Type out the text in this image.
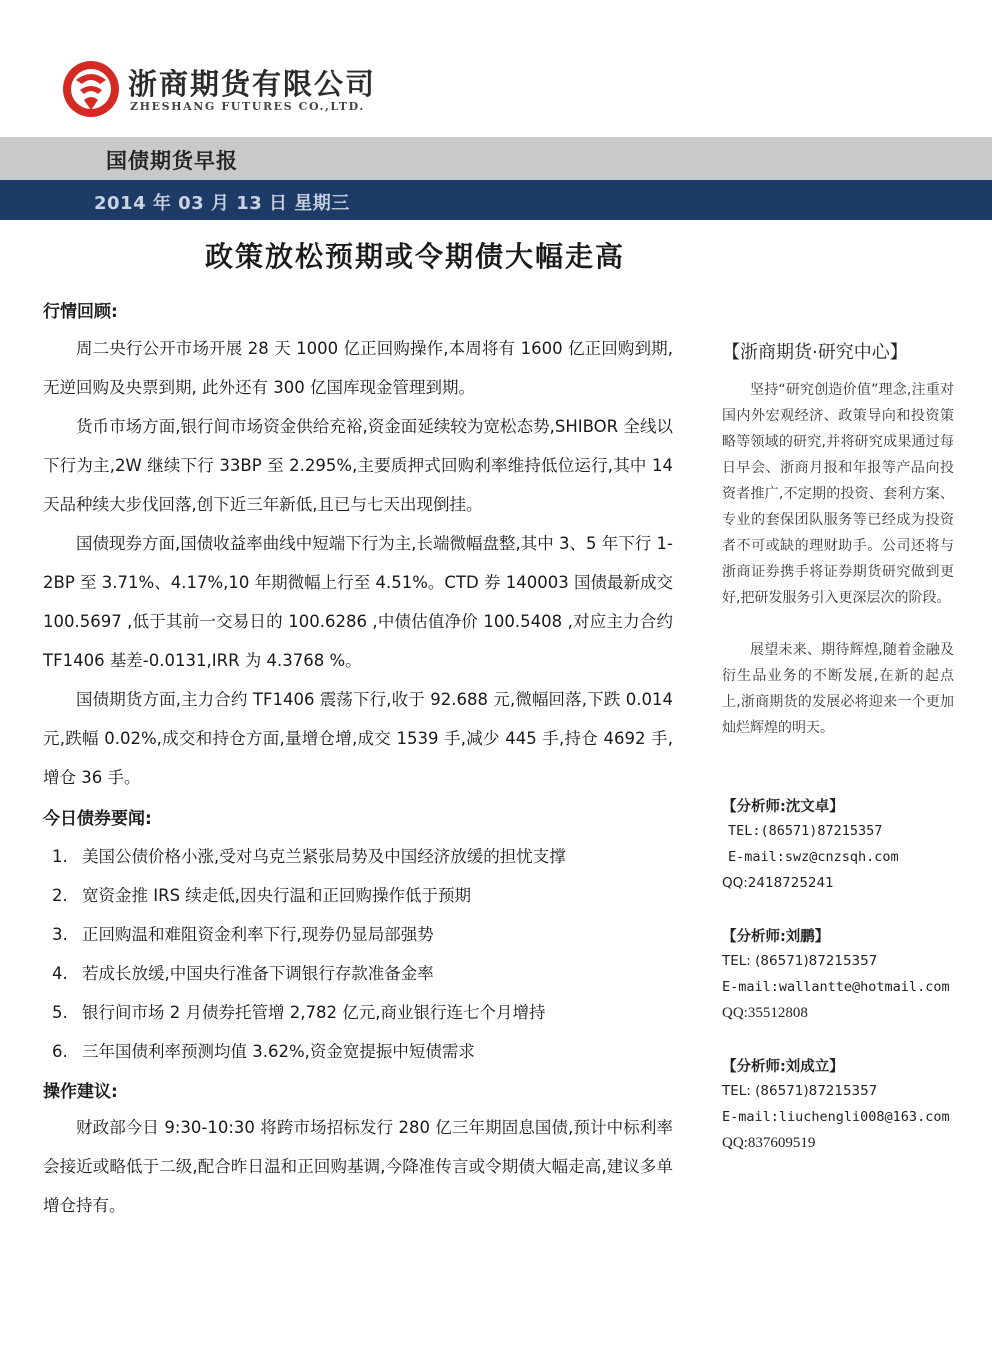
浙商期货有限公司
ZHESHANG FUTURES CO.,LTD.
国债期货早报
2014 年 03 月 13 日 星期三
政策放松预期或令期债大幅走高
行情回顾:

周二央行公开市场开展 28 天 1000 亿正回购操作,本周将有 1600 亿正回购到期,无逆回购及央票到期, 此外还有 300 亿国库现金管理到期。

货币市场方面,银行间市场资金供给充裕,资金面延续较为宽松态势,SHIBOR 全线以下行为主,2W 继续下行 33BP 至 2.295%,主要质押式回购利率维持低位运行,其中 14 天品种续大步伐回落,创下近三年新低,且已与七天出现倒挂。

国债现券方面,国债收益率曲线中短端下行为主,长端微幅盘整,其中 3、5 年下行 1-2BP 至 3.71%、4.17%,10 年期微幅上行至 4.51%。CTD 券 140003 国债最新成交 100.5697 ,低于其前一交易日的 100.6286 ,中债估值净价 100.5408 ,对应主力合约 TF1406 基差-0.0131,IRR 为 4.3768 %。

国债期货方面,主力合约 TF1406 震荡下行,收于 92.688 元,微幅回落,下跌 0.014 元,跌幅 0.02%,成交和持仓方面,量增仓增,成交 1539 手,减少 445 手,持仓 4692 手,增仓 36 手。

今日债券要闻:
1. 美国公债价格小涨,受对乌克兰紧张局势及中国经济放缓的担忧支撑
2. 宽资金推 IRS 续走低,因央行温和正回购操作低于预期
3. 正回购温和难阻资金利率下行,现券仍显局部强势
4. 若成长放缓,中国央行准备下调银行存款准备金率
5. 银行间市场 2 月债券托管增 2,782 亿元,商业银行连七个月增持
6. 三年国债利率预测均值 3.62%,资金宽提振中短债需求
操作建议:

财政部今日 9:30-10:30 将跨市场招标发行 280 亿三年期固息国债,预计中标利率会接近或略低于二级,配合昨日温和正回购基调,今降准传言或令期债大幅走高,建议多单增仓持有。

【浙商期货·研究中心】

坚持“研究创造价值”理念,注重对国内外宏观经济、政策导向和投资策略等领域的研究,并将研究成果通过每日早会、浙商月报和年报等产品向投资者推广,不定期的投资、套利方案、专业的套保团队服务等已经成为投资者不可或缺的理财助手。公司还将与浙商证券携手将证券期货研究做到更好,把研发服务引入更深层次的阶段。

展望未来、期待辉煌,随着金融及衍生品业务的不断发展,在新的起点上,浙商期货的发展必将迎来一个更加灿烂辉煌的明天。

【分析师:沈文卓】
TEL:(86571)87215357
E-mail:swz@cnzsqh.com
QQ:2418725241
【分析师:刘鹏】
TEL: (86571)87215357
E-mail:wallantte@hotmail.com
QQ:35512808
【分析师:刘成立】
TEL: (86571)87215357
E-mail:liuchengli008@163.com
QQ:837609519
